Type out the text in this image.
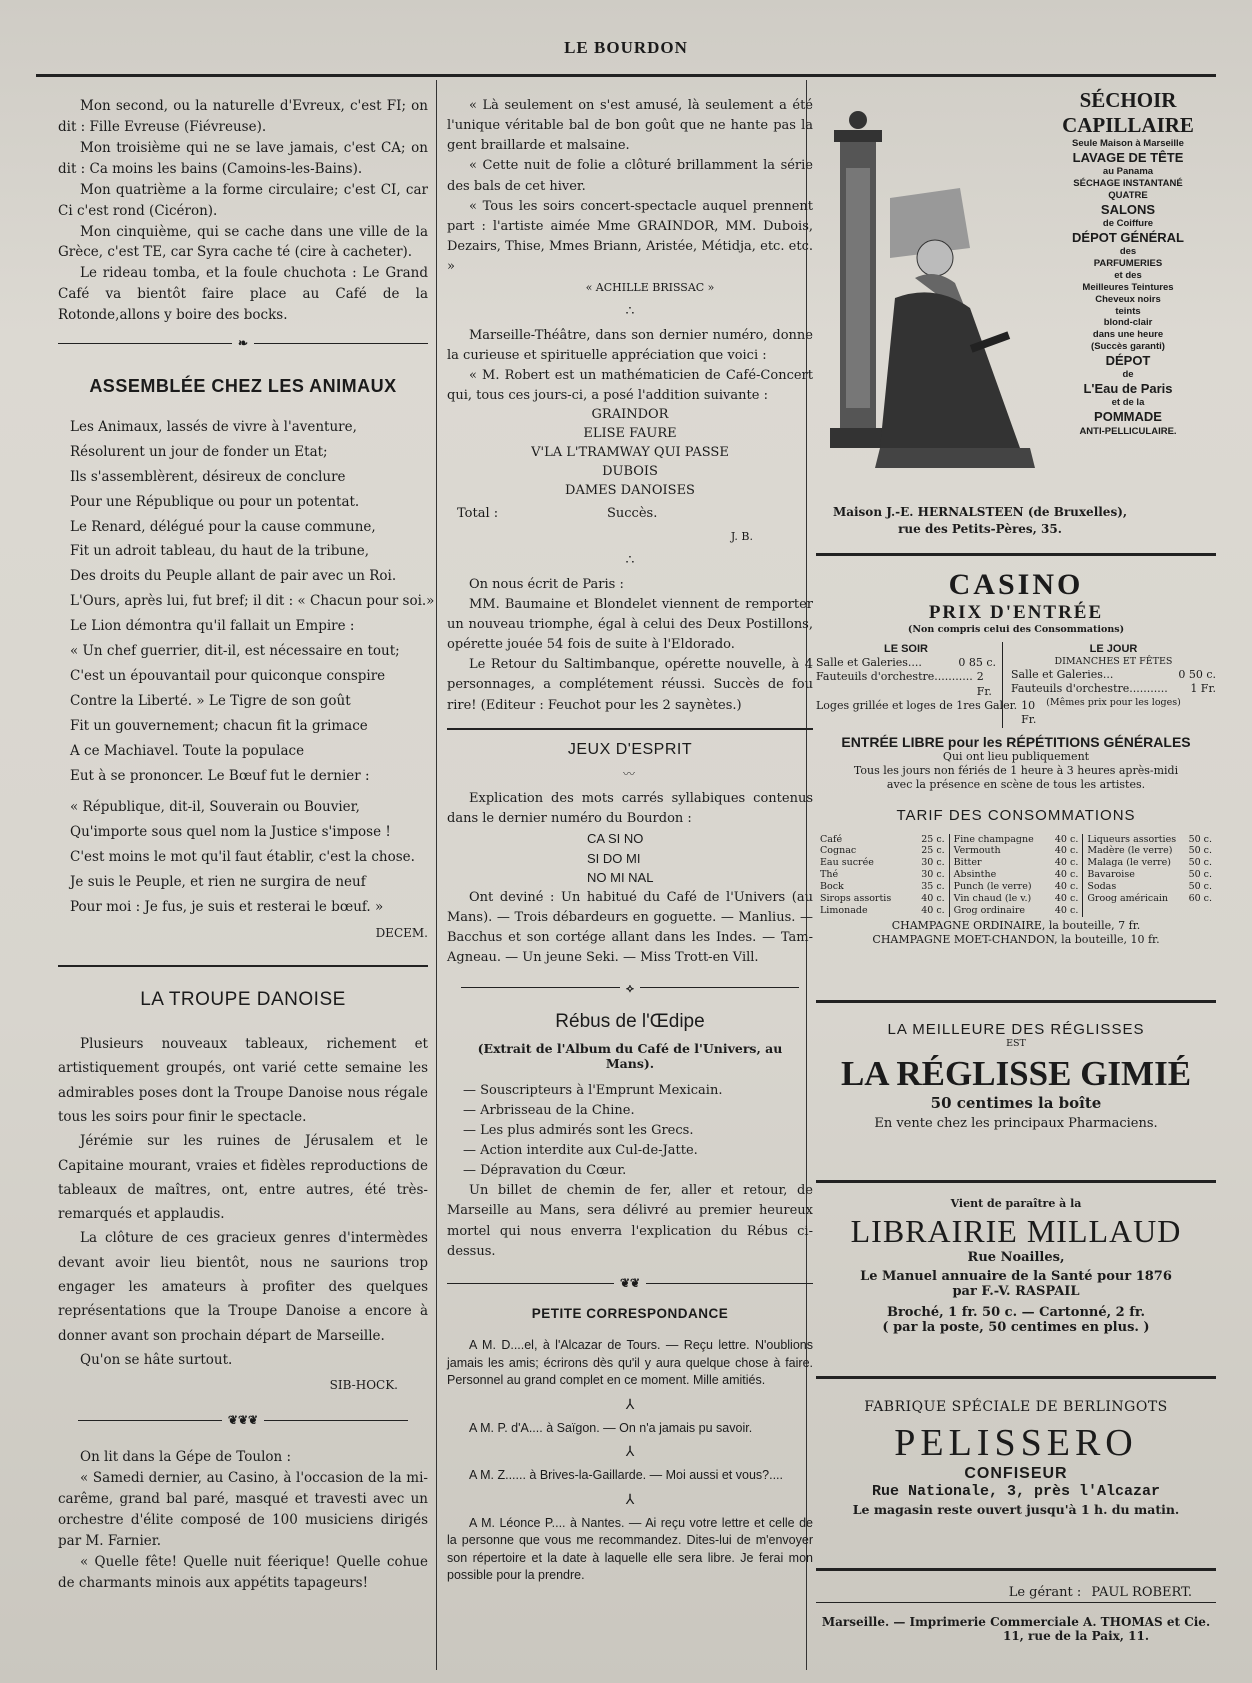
LE BOURDON

Mon second, ou la naturelle d'Evreux, c'est FI; on dit : Fille Evreuse (Fiévreuse).

Mon troisième qui ne se lave jamais, c'est CA; on dit : Ca moins les bains (Camoins-les-Bains).

Mon quatrième a la forme circulaire; c'est CI, car Ci c'est rond (Cicéron).

Mon cinquième, qui se cache dans une ville de la Grèce, c'est TE, car Syra cache té (cire à cacheter).

Le rideau tomba, et la foule chuchota : Le Grand Café va bientôt faire place au Café de la Rotonde,allons y boire des bocks.

❧
ASSEMBLÉE CHEZ LES ANIMAUX
Les Animaux, lassés de vivre à l'aventure,
Résolurent un jour de fonder un Etat;
Ils s'assemblèrent, désireux de conclure
Pour une République ou pour un potentat.
Le Renard, délégué pour la cause commune,
Fit un adroit tableau, du haut de la tribune,
Des droits du Peuple allant de pair avec un Roi.
L'Ours, après lui, fut bref; il dit : « Chacun pour soi.»
Le Lion démontra qu'il fallait un Empire :
« Un chef guerrier, dit-il, est nécessaire en tout;
C'est un épouvantail pour quiconque conspire
Contre la Liberté. » Le Tigre de son goût
Fit un gouvernement; chacun fit la grimace
A ce Machiavel. Toute la populace
Eut à se prononcer. Le Bœuf fut le dernier :
« République, dit-il, Souverain ou Bouvier,
Qu'importe sous quel nom la Justice s'impose !
C'est moins le mot qu'il faut établir, c'est la chose.
Je suis le Peuple, et rien ne surgira de neuf
Pour moi : Je fus, je suis et resterai le bœuf. »
DECEM.
LA TROUPE DANOISE

Plusieurs nouveaux tableaux, richement et artistiquement groupés, ont varié cette semaine les admirables poses dont la Troupe Danoise nous régale tous les soirs pour finir le spectacle.

Jérémie sur les ruines de Jérusalem et le Capitaine mourant, vraies et fidèles reproductions de tableaux de maîtres, ont, entre autres, été très-remarqués et applaudis.

La clôture de ces gracieux genres d'intermèdes devant avoir lieu bientôt, nous ne saurions trop engager les amateurs à profiter des quelques représentations que la Troupe Danoise a encore à donner avant son prochain départ de Marseille.

Qu'on se hâte surtout.

SIB-HOCK.
❦❦❦

On lit dans la Gépe de Toulon :

« Samedi dernier, au Casino, à l'occasion de la mi-carême, grand bal paré, masqué et travesti avec un orchestre d'élite composé de 100 musiciens dirigés par M. Farnier.

« Quelle fête! Quelle nuit féerique! Quelle cohue de charmants minois aux appétits tapageurs!

« Là seulement on s'est amusé, là seulement a été l'unique véritable bal de bon goût que ne hante pas la gent braillarde et malsaine.

« Cette nuit de folie a clôturé brillamment la série des bals de cet hiver.

« Tous les soirs concert-spectacle auquel prennent part : l'artiste aimée Mme GRAINDOR, MM. Dubois, Dezairs, Thise, Mmes Briann, Aristée, Métidja, etc. etc. »

« ACHILLE BRISSAC »
∴

Marseille-Théâtre, dans son dernier numéro, donne la curieuse et spirituelle appréciation que voici :

« M. Robert est un mathématicien de Café-Concert qui, tous ces jours-ci, a posé l'addition suivante :

GRAINDOR
ELISE FAURE
V'LA L'TRAMWAY QUI PASSE
DUBOIS
DAMES DANOISES
Total :	Succès.
J. B.
∴

On nous écrit de Paris :

MM. Baumaine et Blondelet viennent de remporter un nouveau triomphe, égal à celui des Deux Postillons, opérette jouée 54 fois de suite à l'Eldorado.

Le Retour du Saltimbanque, opérette nouvelle, à 4 personnages, a complétement réussi. Succès de fou rire! (Editeur : Feuchot pour les 2 saynètes.)

JEUX D'ESPRIT
〰

Explication des mots carrés syllabiques contenus dans le dernier numéro du Bourdon :

CA SI NO
SI DO MI
NO MI NAL

Ont deviné : Un habitué du Café de l'Univers (au Mans). — Trois débardeurs en goguette. — Manlius. — Bacchus et son cortége allant dans les Indes. — Tam-Agneau. — Un jeune Seki. — Miss Trott-en Vill.

⟡
Rébus de l'Œdipe
(Extrait de l'Album du Café de l'Univers, au Mans).
— Souscripteurs à l'Emprunt Mexicain.
— Arbrisseau de la Chine.
— Les plus admirés sont les Grecs.
— Action interdite aux Cul-de-Jatte.
— Dépravation du Cœur.

Un billet de chemin de fer, aller et retour, de Marseille au Mans, sera délivré au premier heureux mortel qui nous enverra l'explication du Rébus ci-dessus.

❦❦
PETITE CORRESPONDANCE

A M. D....el, à l'Alcazar de Tours. — Reçu lettre. N'oublions jamais les amis; écrirons dès qu'il y aura quelque chose à faire. Personnel au grand complet en ce moment. Mille amitiés.

⅄

A M. P. d'A.... à Saïgon. — On n'a jamais pu savoir.

⅄

A M. Z...... à Brives-la-Gaillarde. — Moi aussi et vous?....

⅄

A M. Léonce P.... à Nantes. — Ai reçu votre lettre et celle de la personne que vous me recommandez. Dites-lui de m'envoyer son répertoire et la date à laquelle elle sera libre. Je ferai mon possible pour la prendre.

SÉCHOIR CAPILLAIRE
Seule Maison à Marseille
LAVAGE DE TÊTE
au Panama
SÉCHAGE INSTANTANÉ
QUATRE
SALONS
de Coiffure
DÉPOT GÉNÉRAL
des
PARFUMERIES
et des
Meilleures Teintures
Cheveux noirs
teints
blond-clair
dans une heure
(Succès garanti)
DÉPOT
de
L'Eau de Paris
et de la
POMMADE
ANTI-PELLICULAIRE.
Maison J.-E. HERNALSTEEN (de Bruxelles),
rue des Petits-Pères, 35.
CASINO
PRIX D'ENTRÉE
(Non compris celui des Consommations)
LE SOIR
Salle et Galeries....	0 85 c.
Fauteuils d'orchestre........... 2 Fr.
Loges grillée et loges de 1res Galer. 10 Fr.
LE JOUR
DIMANCHES ET FÊTES
Salle et Galeries...	0 50 c.
Fauteuils d'orchestre...........	1 Fr.
(Mêmes prix pour les loges)
ENTRÉE LIBRE pour les RÉPÉTITIONS GÉNÉRALES
Qui ont lieu publiquement
Tous les jours non fériés de 1 heure à 3 heures après-midi
avec la présence en scène de tous les artistes.
TARIF DES CONSOMMATIONS
Café	25 c.
Cognac	25 c.
Eau sucrée	30 c.
Thé	30 c.
Bock	35 c.
Sirops assortis	40 c.
Limonade	40 c.
Fine champagne	40 c.
Vermouth	40 c.
Bitter	40 c.
Absinthe	40 c.
Punch (le verre)	40 c.
Vin chaud (le v.)	40 c.
Grog ordinaire	40 c.
Liqueurs assorties	50 c.
Madère (le verre)	50 c.
Malaga (le verre)	50 c.
Bavaroise	50 c.
Sodas	50 c.
Groog américain	60 c.
CHAMPAGNE ORDINAIRE, la bouteille, 7 fr.
CHAMPAGNE MOET-CHANDON, la bouteille, 10 fr.
LA MEILLEURE DES RÉGLISSES
EST
LA RÉGLISSE GIMIÉ
50 centimes la boîte
En vente chez les principaux Pharmaciens.
Vient de paraître à la
LIBRAIRIE MILLAUD
Rue Noailles,
Le Manuel annuaire de la Santé pour 1876
par F.-V. RASPAIL
Broché, 1 fr. 50 c. — Cartonné, 2 fr.
( par la poste, 50 centimes en plus. )
FABRIQUE SPÉCIALE DE BERLINGOTS
PELISSERO
CONFISEUR
Rue Nationale, 3, près l'Alcazar
Le magasin reste ouvert jusqu'à 1 h. du matin.
Le gérant : PAUL ROBERT.
Marseille. — Imprimerie Commerciale A. THOMAS et Cie.
11, rue de la Paix, 11.
